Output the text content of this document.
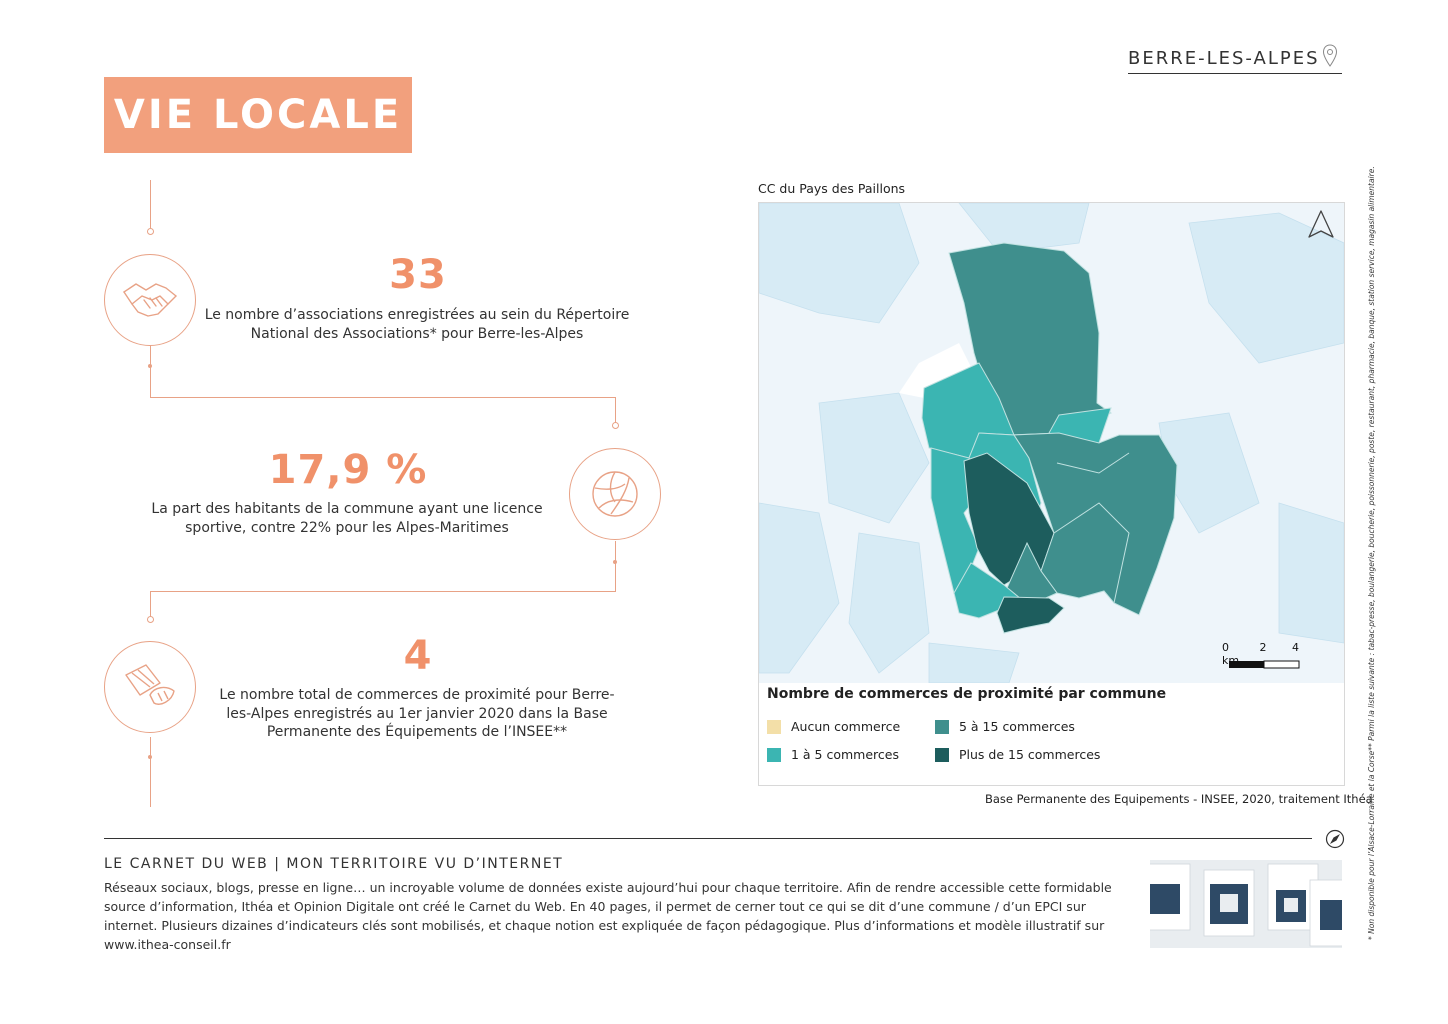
BERRE-LES-ALPES
VIE LOCALE
33
Le nombre d’associations enregistrées au sein du Répertoire
National des Associations* pour Berre-les-Alpes
17,9 %
La part des habitants de la commune ayant une licence
sportive, contre 22% pour les Alpes-Maritimes
4
Le nombre total de commerces de proximité pour Berre-
les-Alpes enregistrés au 1er janvier 2020 dans la Base
Permanente des Équipements de l’INSEE**
CC du Pays des Paillons
0	2 4 km
Nombre de commerces de proximité par commune
Aucun commerce	5 à 15 commerces
1 à 5 commerces	Plus de 15 commerces
Base Permanente des Equipements - INSEE, 2020, traitement Ithéa
* Non disponible pour l’Alsace-Lorraine et la Corse** Parmi la liste suivante : tabac-presse, boulangerie, boucherie, poissonnerie, poste, restaurant, pharmacie, banque, station service, magasin alimentaire.
LE CARNET DU WEB | MON TERRITOIRE VU D’INTERNET
Réseaux sociaux, blogs, presse en ligne… un incroyable volume de données existe aujourd’hui pour chaque territoire. Afin de rendre accessible cette formidable source d’information, Ithéa et Opinion Digitale ont créé le Carnet du Web. En 40 pages, il permet de cerner tout ce qui se dit d’une commune / d’un EPCI sur internet. Plusieurs dizaines d’indicateurs clés sont mobilisés, et chaque notion est expliquée de façon pédagogique. Plus d’informations et modèle illustratif sur www.ithea-conseil.fr
